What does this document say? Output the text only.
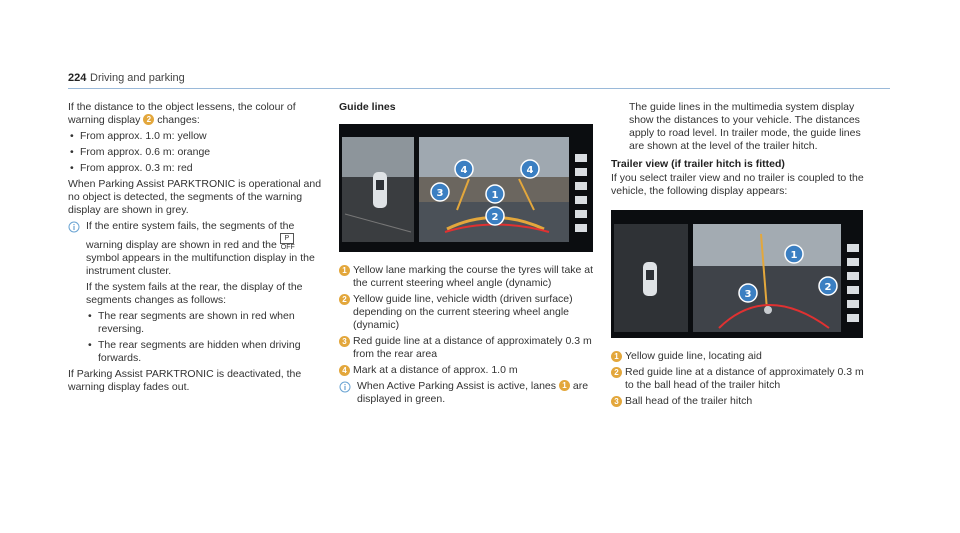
224 Driving and parking

If the distance to the object lessens, the colour of warning display 2 changes:

• From approx. 1.0 m: yellow
• From approx. 0.6 m: orange
• From approx. 0.3 m: red

When Parking Assist PARKTRONIC is operational and no object is detected, the segments of the warning display are shown in grey.

If the entire system fails, the segments of the warning display are shown in red and the P OFFsymbol appears in the multifunction display in the instrument cluster.

If the system fails at the rear, the display of the segments changes as follows:

• The rear segments are shown in red when reversing.
• The rear segments are hidden when driving forwards.

If Parking Assist PARKTRONIC is deactivated, the warning display fades out.

Guide lines
4	4
3	1
2
1 Yellow lane marking the course the tyres will take at the current steering wheel angle (dynamic)
2 Yellow guide line, vehicle width (driven surface) depending on the current steering wheel angle (dynamic)
3 Red guide line at a distance of approximately 0.3 m from the rear area
4 Mark at a distance of approx. 1.0 m

When Active Parking Assist is active, lanes 1 are displayed in green.

The guide lines in the multimedia system display show the distances to your vehicle. The distances apply to road level. In trailer mode, the guide lines are shown at the level of the trailer hitch.

Trailer view (if trailer hitch is fitted)

If you select trailer view and no trailer is coupled to the vehicle, the following display appears:

1
2
3
1 Yellow guide line, locating aid
2 Red guide line at a distance of approximately 0.3 m to the ball head of the trailer hitch
3 Ball head of the trailer hitch
